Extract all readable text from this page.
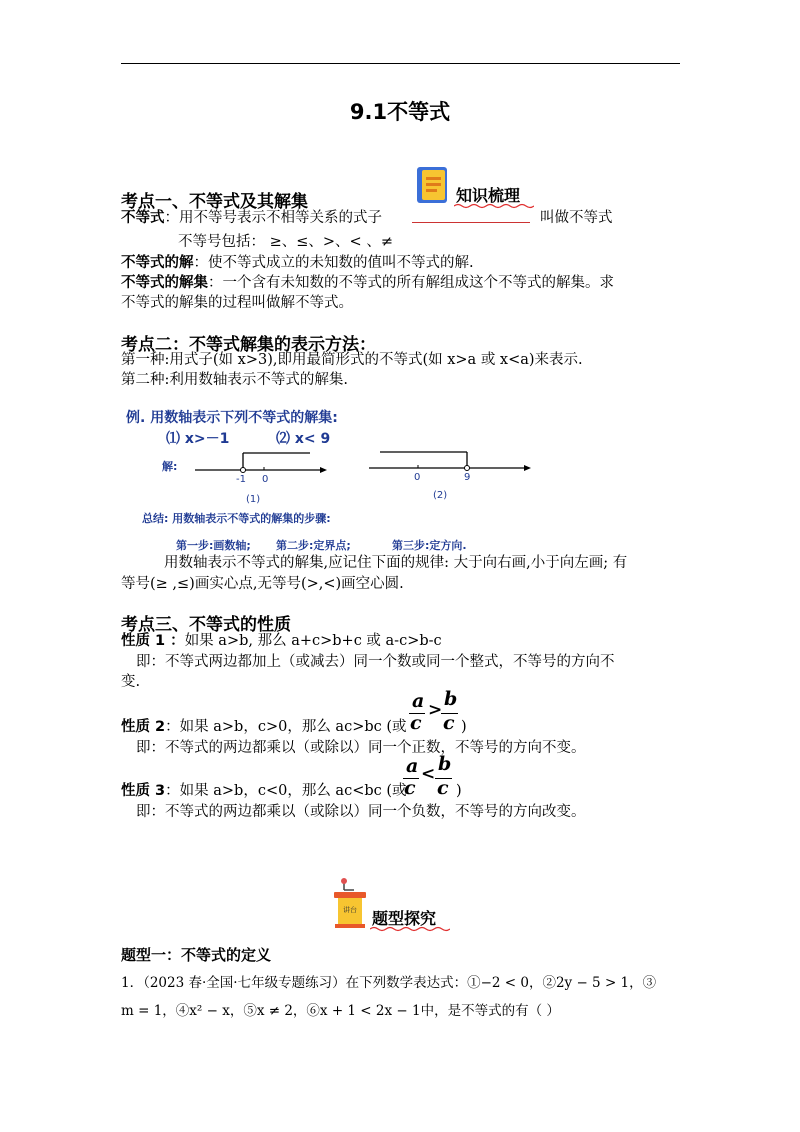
9.1不等式
考点一、不等式及其解集	知识梳理
不等式：用不等号表示不相等关系的式子	叫做不等式
不等号包括： ≥、≤、>、< 、≠
不等式的解：使不等式成立的未知数的值叫不等式的解.
不等式的解集：一个含有未知数的不等式的所有解组成这个不等式的解集。求
不等式的解集的过程叫做解不等式。
考点二：不等式解集的表示方法：
第一种:用式子(如 x>3),即用最简形式的不等式(如 x>a 或 x<a)来表示.
第二种:利用数轴表示不等式的解集.
例. 用数轴表示下列不等式的解集:
⑴ x>－1	⑵ x< 9
解:
-1 0
(1)
0	9
(2)
总结: 用数轴表示不等式的解集的步骤:
第一步:画数轴; 第二步:定界点;	第三步:定方向.
用数轴表示不等式的解集,应记住下面的规律: 大于向右画,小于向左画; 有
等号(≥ ,≤)画实心点,无等号(>,<)画空心圆.
考点三、不等式的性质
性质 1 ：如果 a>b, 那么 a+c>b+c 或 a-c>b-c
即：不等式两边都加上（或减去）同一个数或同一个整式，不等号的方向不
变.
性质 2：如果 a>b，c>0，那么 ac>bc (或
a
c
> b
c )
即：不等式的两边都乘以（或除以）同一个正数，不等号的方向不变。
性质 3：如果 a>b，c<0，那么 ac<bc (或
a
c
< b
c )
即：不等式的两边都乘以（或除以）同一个负数，不等号的方向改变。
讲台 题型探究
题型一：不等式的定义
1．（2023 春·全国·七年级专题练习）在下列数学表达式：①−2 < 0，②2y − 5 > 1，③
m = 1，④x² − x，⑤x ≠ 2，⑥x + 1 < 2x − 1中，是不等式的有（ ）
